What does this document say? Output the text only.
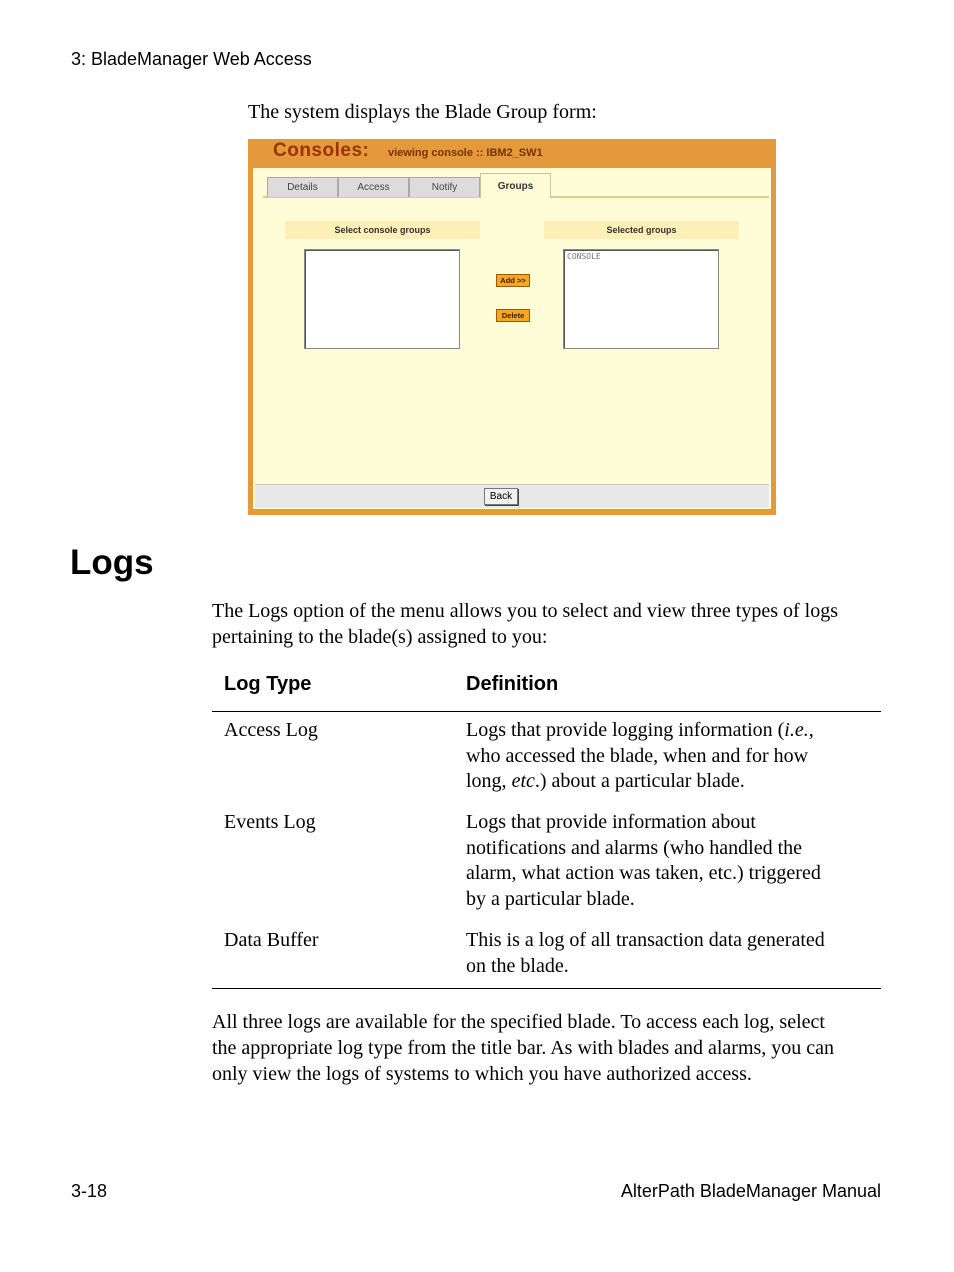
3: BladeManager Web Access
The system displays the Blade Group form:
Consoles: viewing console :: IBM2_SW1
Details	Access	Notify	Groups
Select console groups	Selected groups
CONSOLE
Add >>
Delete
Back
Logs
The Logs option of the menu allows you to select and view three types of logs
pertaining to the blade(s) assigned to you:
Log Type	Definition
Access Log	Logs that provide logging information (i.e.,
who accessed the blade, when and for how
long, etc.) about a particular blade.
Events Log	Logs that provide information about
notifications and alarms (who handled the
alarm, what action was taken, etc.) triggered
by a particular blade.
Data Buffer	This is a log of all transaction data generated
on the blade.
All three logs are available for the specified blade. To access each log, select
the appropriate log type from the title bar. As with blades and alarms, you can
only view the logs of systems to which you have authorized access.
3-18	AlterPath BladeManager Manual
